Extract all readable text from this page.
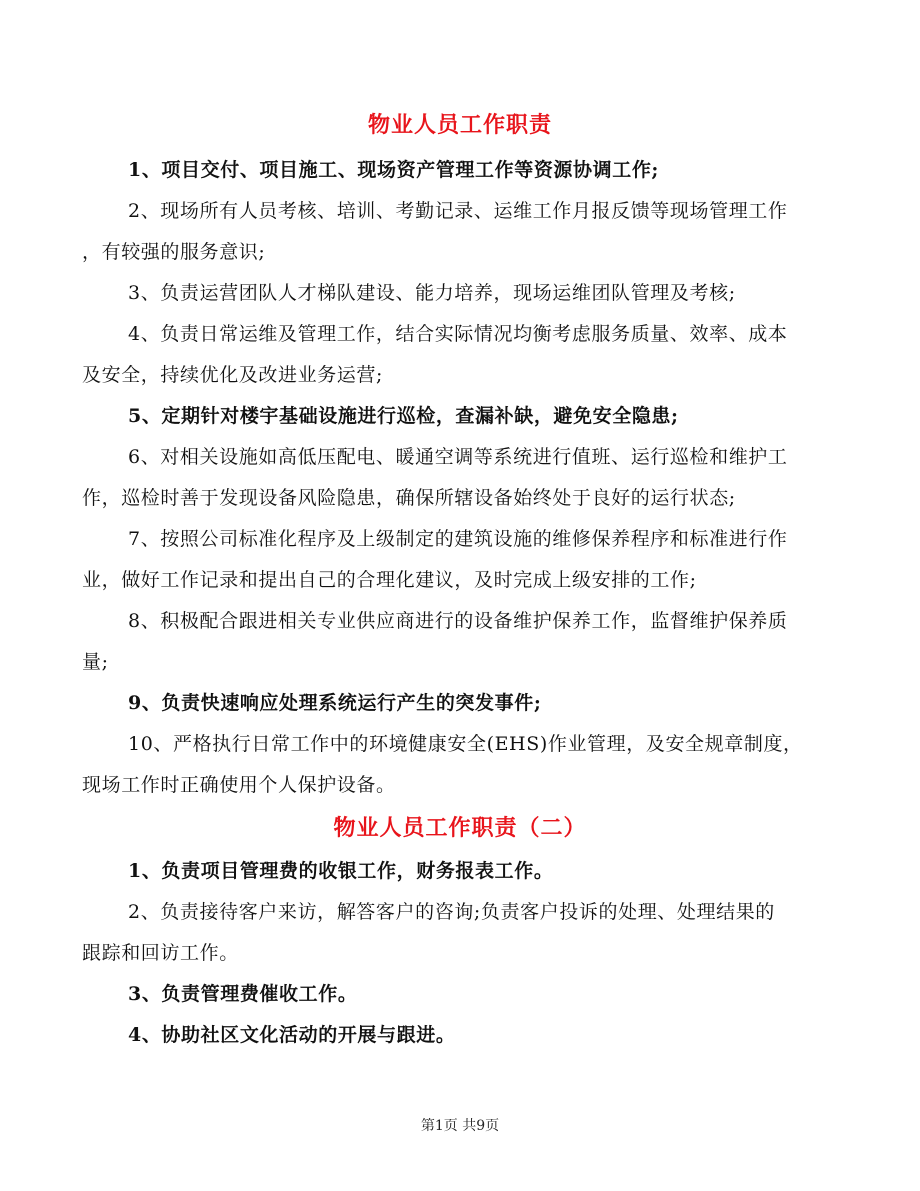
物业人员工作职责
1、项目交付、项目施工、现场资产管理工作等资源协调工作;
2、现场所有人员考核、培训、考勤记录、运维工作月报反馈等现场管理工作
，有较强的服务意识;
3、负责运营团队人才梯队建设、能力培养，现场运维团队管理及考核;
4、负责日常运维及管理工作，结合实际情况均衡考虑服务质量、效率、成本
及安全，持续优化及改进业务运营;
5、定期针对楼宇基础设施进行巡检，查漏补缺，避免安全隐患;
6、对相关设施如高低压配电、暖通空调等系统进行值班、运行巡检和维护工
作，巡检时善于发现设备风险隐患，确保所辖设备始终处于良好的运行状态;
7、按照公司标准化程序及上级制定的建筑设施的维修保养程序和标准进行作
业，做好工作记录和提出自己的合理化建议，及时完成上级安排的工作;
8、积极配合跟进相关专业供应商进行的设备维护保养工作，监督维护保养质
量;
9、负责快速响应处理系统运行产生的突发事件;
10、严格执行日常工作中的环境健康安全(EHS)作业管理，及安全规章制度，
现场工作时正确使用个人保护设备。
物业人员工作职责（二）
1、负责项目管理费的收银工作，财务报表工作。
2、负责接待客户来访，解答客户的咨询;负责客户投诉的处理、处理结果的
跟踪和回访工作。
3、负责管理费催收工作。
4、协助社区文化活动的开展与跟进。
第1页 共9页
